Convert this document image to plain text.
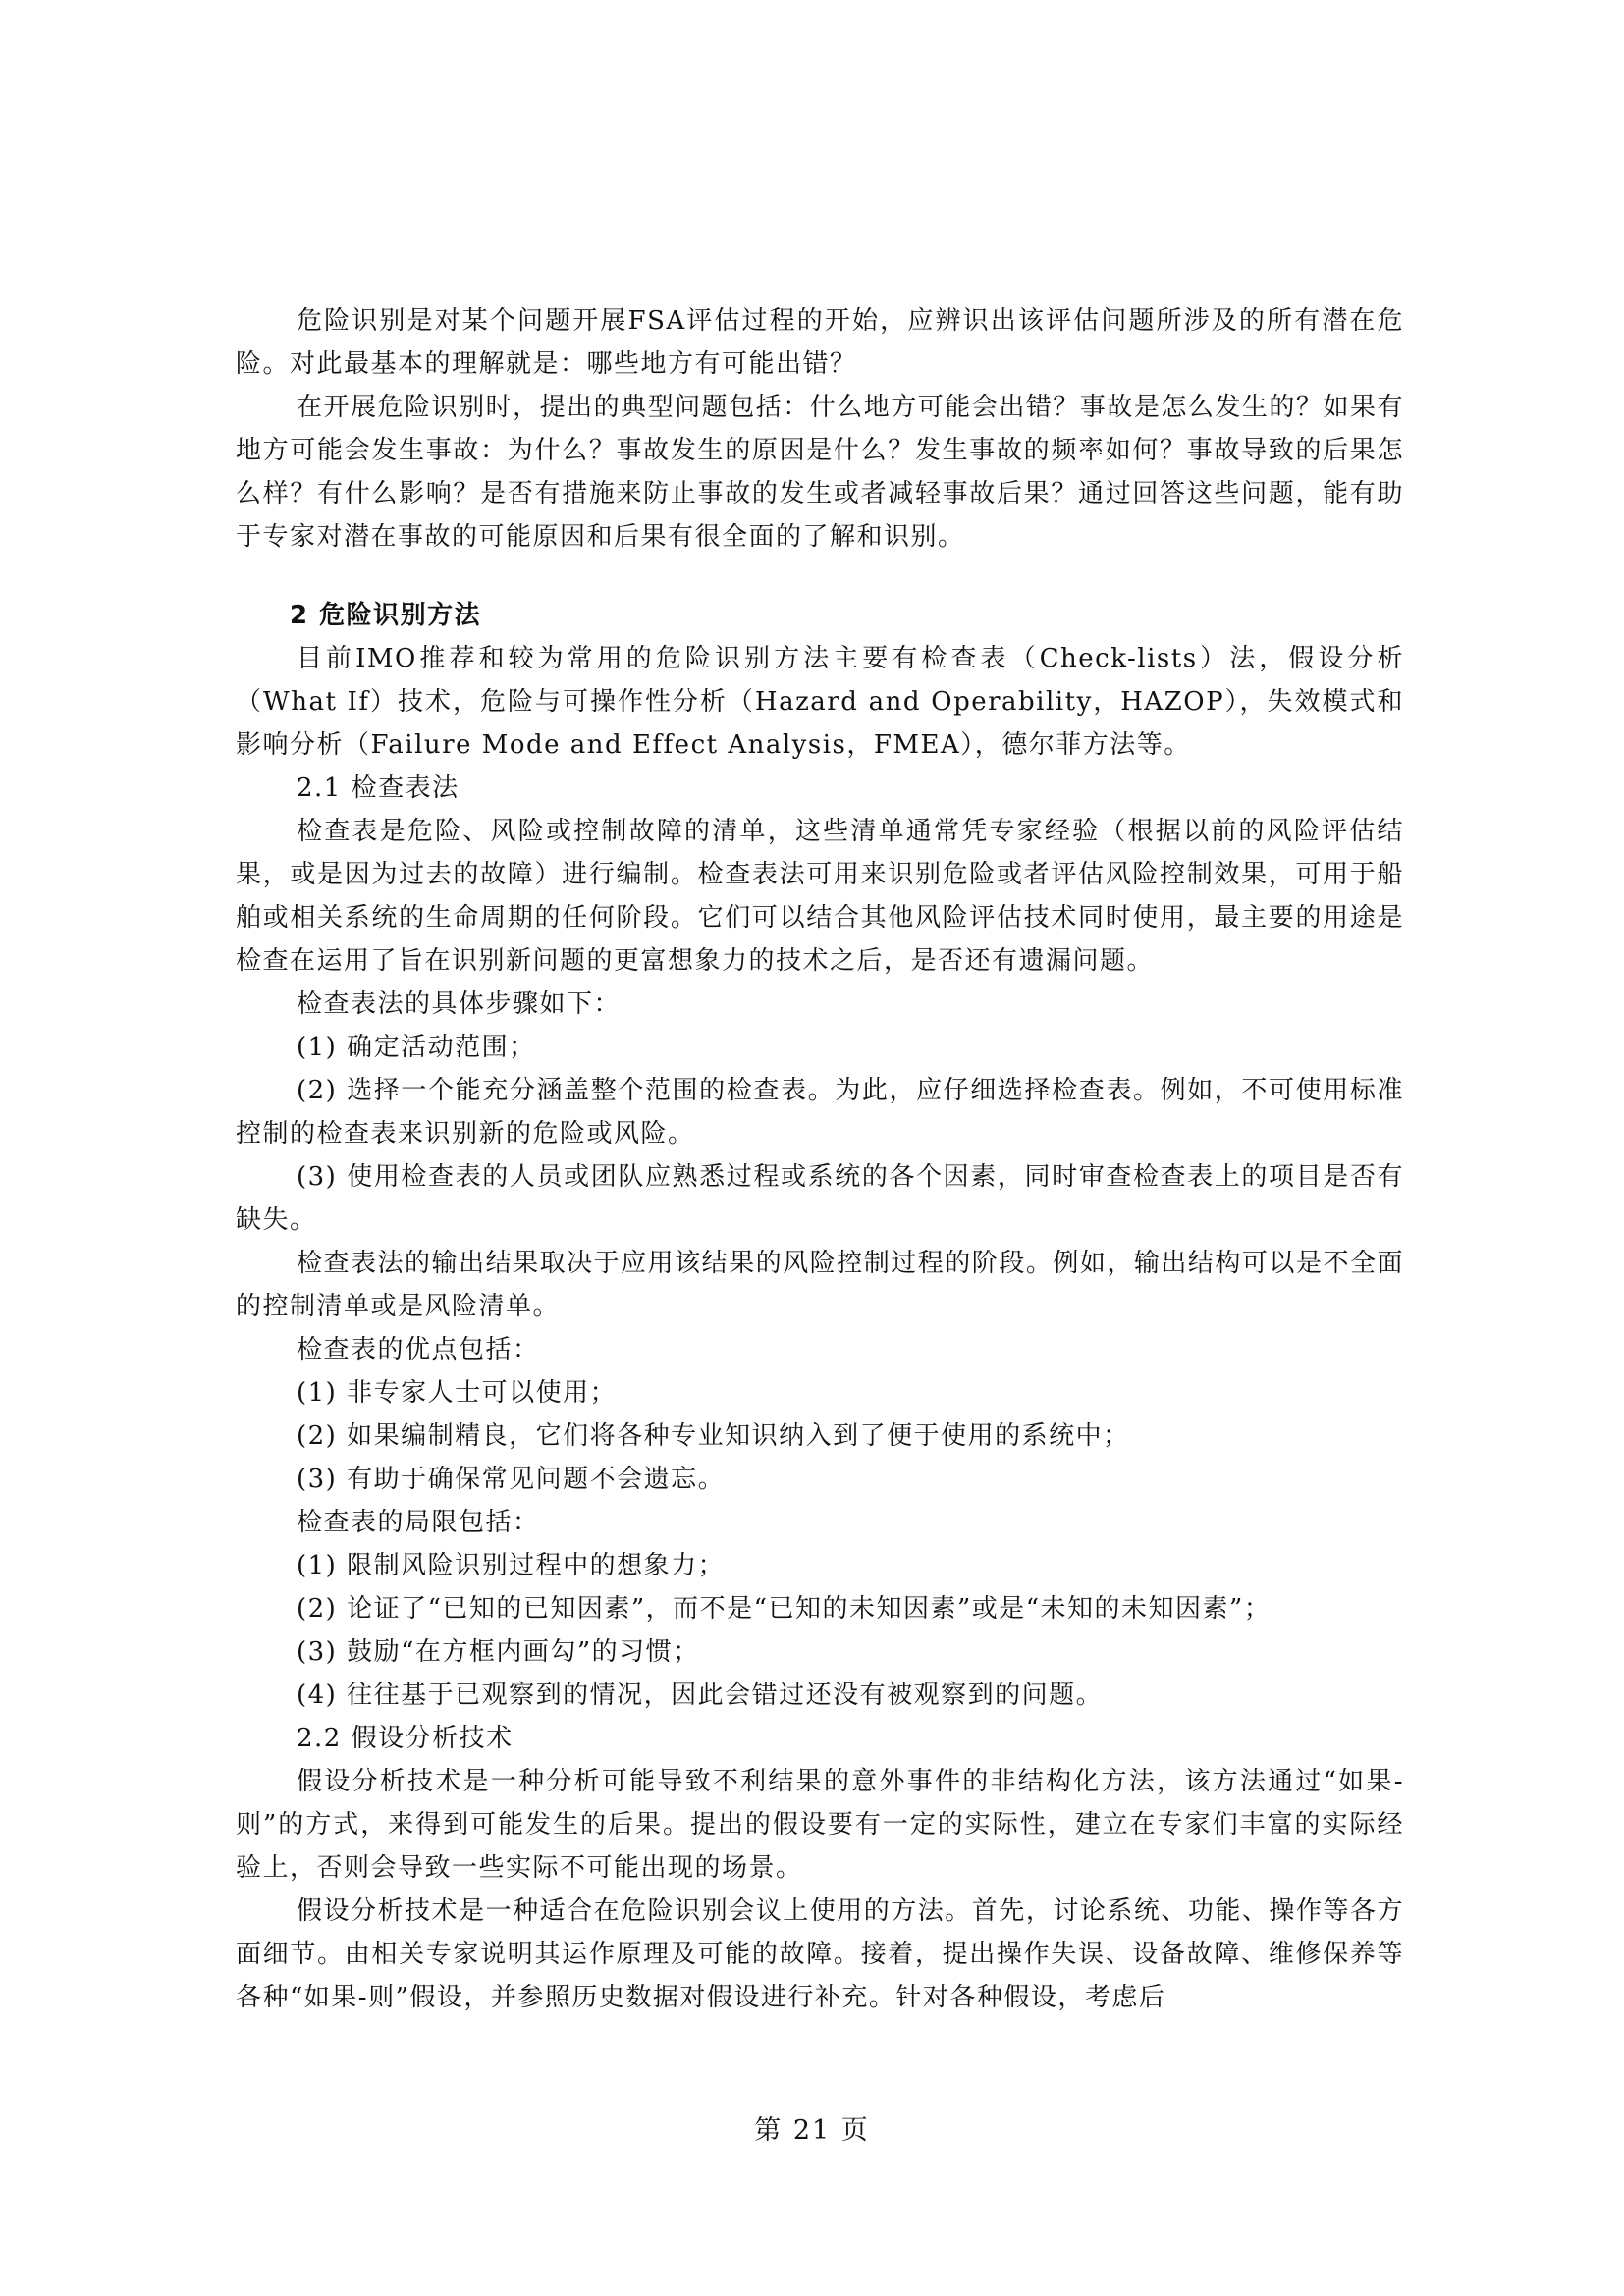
危险识别是对某个问题开展FSA评估过程的开始，应辨识出该评估问题所涉及的所有潜在危险。对此最基本的理解就是：哪些地方有可能出错？

在开展危险识别时，提出的典型问题包括：什么地方可能会出错？事故是怎么发生的？如果有地方可能会发生事故：为什么？事故发生的原因是什么？发生事故的频率如何？事故导致的后果怎么样？有什么影响？是否有措施来防止事故的发生或者减轻事故后果？通过回答这些问题，能有助于专家对潜在事故的可能原因和后果有很全面的了解和识别。

2 危险识别方法

目前IMO推荐和较为常用的危险识别方法主要有检查表（Check-lists）法，假设分析（What If）技术，危险与可操作性分析（Hazard and Operability，HAZOP），失效模式和影响分析（Failure Mode and Effect Analysis，FMEA），德尔菲方法等。

2.1 检查表法

检查表是危险、风险或控制故障的清单，这些清单通常凭专家经验（根据以前的风险评估结果，或是因为过去的故障）进行编制。检查表法可用来识别危险或者评估风险控制效果，可用于船舶或相关系统的生命周期的任何阶段。它们可以结合其他风险评估技术同时使用，最主要的用途是检查在运用了旨在识别新问题的更富想象力的技术之后，是否还有遗漏问题。

检查表法的具体步骤如下：

(1) 确定活动范围；

(2) 选择一个能充分涵盖整个范围的检查表。为此，应仔细选择检查表。例如，不可使用标准控制的检查表来识别新的危险或风险。

(3) 使用检查表的人员或团队应熟悉过程或系统的各个因素，同时审查检查表上的项目是否有缺失。

检查表法的输出结果取决于应用该结果的风险控制过程的阶段。例如，输出结构可以是不全面的控制清单或是风险清单。

检查表的优点包括：

(1) 非专家人士可以使用；

(2) 如果编制精良，它们将各种专业知识纳入到了便于使用的系统中；

(3) 有助于确保常见问题不会遗忘。

检查表的局限包括：

(1) 限制风险识别过程中的想象力；

(2) 论证了“已知的已知因素”，而不是“已知的未知因素”或是“未知的未知因素”；

(3) 鼓励“在方框内画勾”的习惯；

(4) 往往基于已观察到的情况，因此会错过还没有被观察到的问题。

2.2 假设分析技术

假设分析技术是一种分析可能导致不利结果的意外事件的非结构化方法，该方法通过“如果-则”的方式，来得到可能发生的后果。提出的假设要有一定的实际性，建立在专家们丰富的实际经验上，否则会导致一些实际不可能出现的场景。

假设分析技术是一种适合在危险识别会议上使用的方法。首先，讨论系统、功能、操作等各方面细节。由相关专家说明其运作原理及可能的故障。接着，提出操作失误、设备故障、维修保养等各种“如果-则”假设，并参照历史数据对假设进行补充。针对各种假设，考虑后

第 21 页
